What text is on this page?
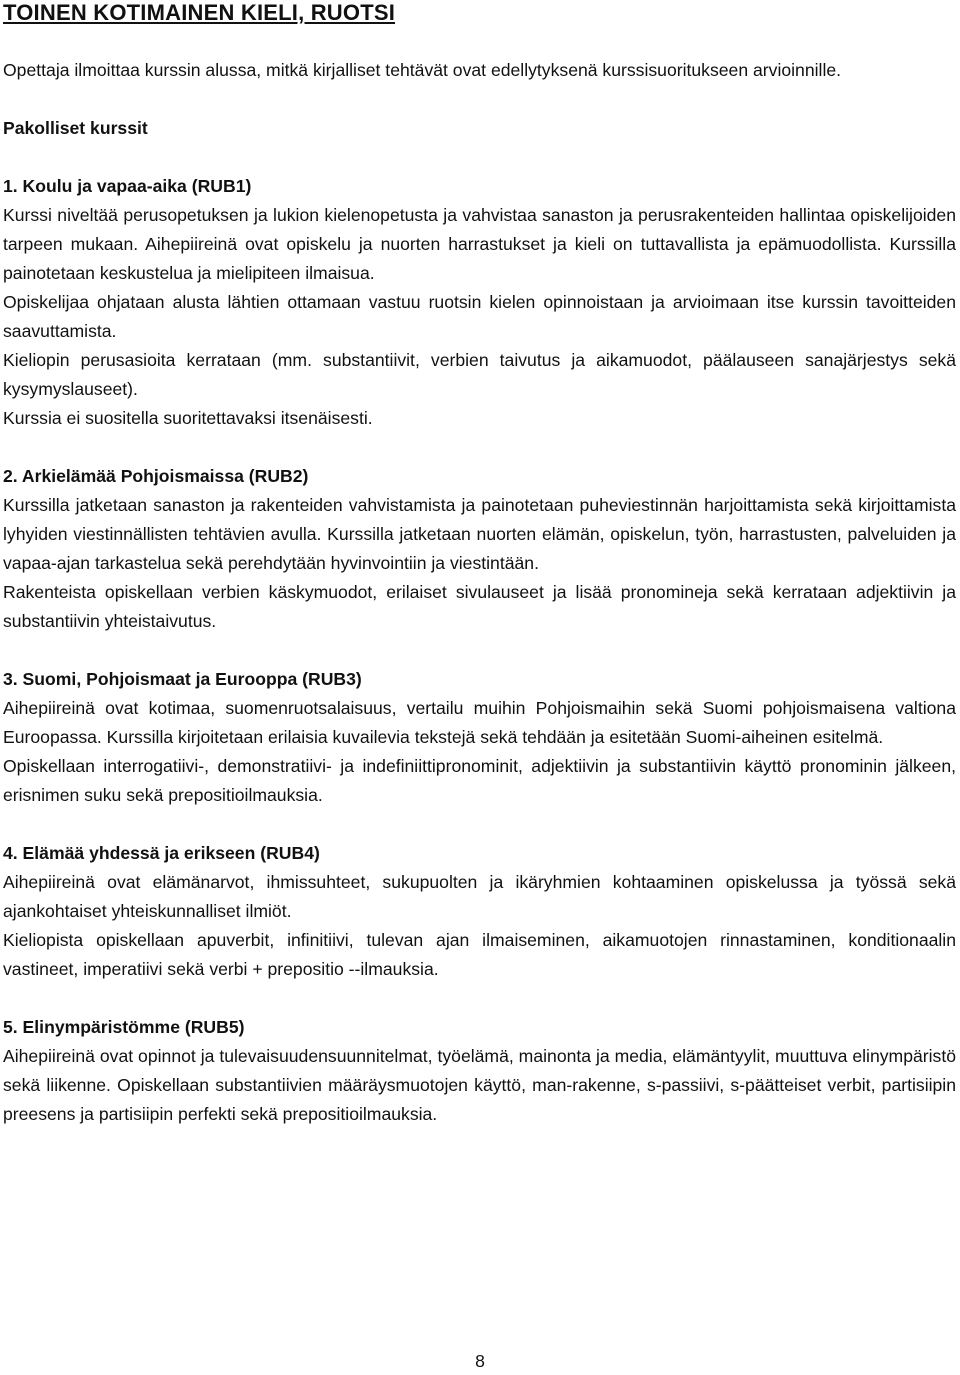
TOINEN KOTIMAINEN KIELI, RUOTSI

Opettaja ilmoittaa kurssin alussa, mitkä kirjalliset tehtävät ovat edellytyksenä kurssisuoritukseen arvioinnille.

Pakolliset kurssit

1. Koulu ja vapaa-aika (RUB1)

Kurssi niveltää perusopetuksen ja lukion kielenopetusta ja vahvistaa sanaston ja perusrakenteiden hallintaa opiskelijoiden tarpeen mukaan. Aihepiireinä ovat opiskelu ja nuorten harrastukset ja kieli on tuttavallista ja epämuodollista. Kurssilla painotetaan keskustelua ja mielipiteen ilmaisua.

Opiskelijaa ohjataan alusta lähtien ottamaan vastuu ruotsin kielen opinnoistaan ja arvioimaan itse kurssin tavoitteiden saavuttamista.

Kieliopin perusasioita kerrataan (mm. substantiivit, verbien taivutus ja aikamuodot, päälauseen sanajärjestys sekä kysymyslauseet).

Kurssia ei suositella suoritettavaksi itsenäisesti.

2. Arkielämää Pohjoismaissa (RUB2)

Kurssilla jatketaan sanaston ja rakenteiden vahvistamista ja painotetaan puheviestinnän harjoittamista sekä kirjoittamista lyhyiden viestinnällisten tehtävien avulla. Kurssilla jatketaan nuorten elämän, opiskelun, työn, harrastusten, palveluiden ja vapaa-ajan tarkastelua sekä perehdytään hyvinvointiin ja viestintään.

Rakenteista opiskellaan verbien käskymuodot, erilaiset sivulauseet ja lisää pronomineja sekä kerrataan adjektiivin ja substantiivin yhteistaivutus.

3. Suomi, Pohjoismaat ja Eurooppa (RUB3)

Aihepiireinä ovat kotimaa, suomenruotsalaisuus, vertailu muihin Pohjoismaihin sekä Suomi pohjoismaisena valtiona Euroopassa. Kurssilla kirjoitetaan erilaisia kuvailevia tekstejä sekä tehdään ja esitetään Suomi-aiheinen esitelmä.

Opiskellaan interrogatiivi-, demonstratiivi- ja indefiniittipronominit, adjektiivin ja substantiivin käyttö pronominin jälkeen, erisnimen suku sekä prepositioilmauksia.

4. Elämää yhdessä ja erikseen (RUB4)

Aihepiireinä ovat elämänarvot, ihmissuhteet, sukupuolten ja ikäryhmien kohtaaminen opiskelussa ja työssä sekä ajankohtaiset yhteiskunnalliset ilmiöt.

Kieliopista opiskellaan apuverbit, infinitiivi, tulevan ajan ilmaiseminen, aikamuotojen rinnastaminen, konditionaalin vastineet, imperatiivi sekä verbi + prepositio --ilmauksia.

5. Elinympäristömme (RUB5)

Aihepiireinä ovat opinnot ja tulevaisuudensuunnitelmat, työelämä, mainonta ja media, elämäntyylit, muuttuva elinympäristö sekä liikenne. Opiskellaan substantiivien määräysmuotojen käyttö, man-rakenne, s-passiivi, s-päätteiset verbit, partisiipin preesens ja partisiipin perfekti sekä prepositioilmauksia.

8
